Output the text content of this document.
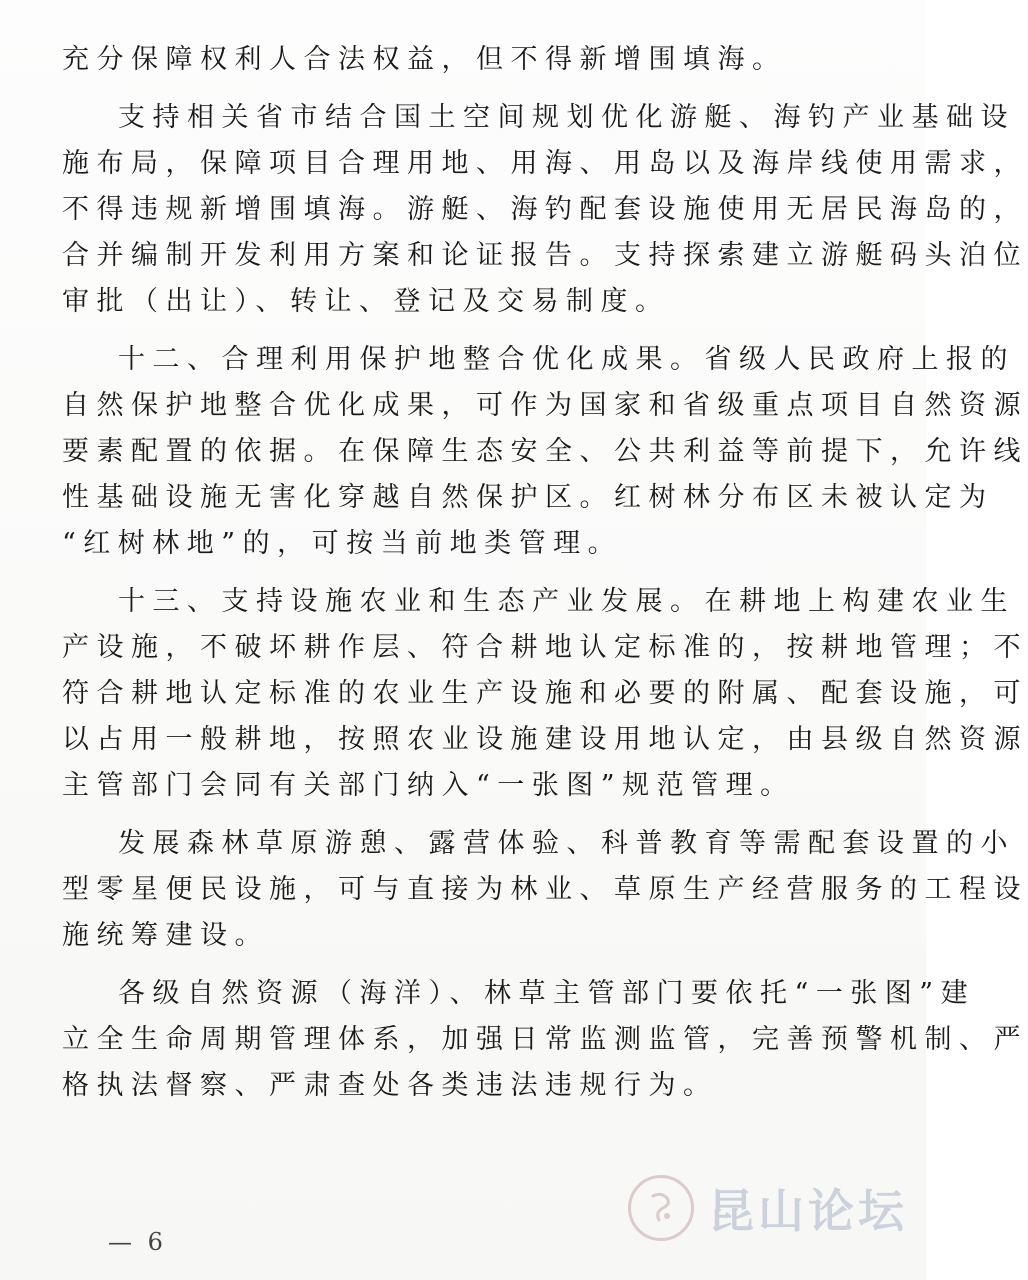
充分保障权利人合法权益，但不得新增围填海。
支持相关省市结合国土空间规划优化游艇、海钓产业基础设
施布局，保障项目合理用地、用海、用岛以及海岸线使用需求，
不得违规新增围填海。游艇、海钓配套设施使用无居民海岛的，
合并编制开发利用方案和论证报告。支持探索建立游艇码头泊位
审批（出让）、转让、登记及交易制度。
十二、合理利用保护地整合优化成果。省级人民政府上报的
自然保护地整合优化成果，可作为国家和省级重点项目自然资源
要素配置的依据。在保障生态安全、公共利益等前提下，允许线
性基础设施无害化穿越自然保护区。红树林分布区未被认定为
“红树林地”的，可按当前地类管理。
十三、支持设施农业和生态产业发展。在耕地上构建农业生
产设施，不破坏耕作层、符合耕地认定标准的，按耕地管理；不
符合耕地认定标准的农业生产设施和必要的附属、配套设施，可
以占用一般耕地，按照农业设施建设用地认定，由县级自然资源
主管部门会同有关部门纳入“一张图”规范管理。
发展森林草原游憩、露营体验、科普教育等需配套设置的小
型零星便民设施，可与直接为林业、草原生产经营服务的工程设
施统筹建设。
各级自然资源（海洋）、林草主管部门要依托“一张图”建
立全生命周期管理体系，加强日常监测监管，完善预警机制、严
格执法督察、严肃查处各类违法违规行为。
— 6
昆山论坛
